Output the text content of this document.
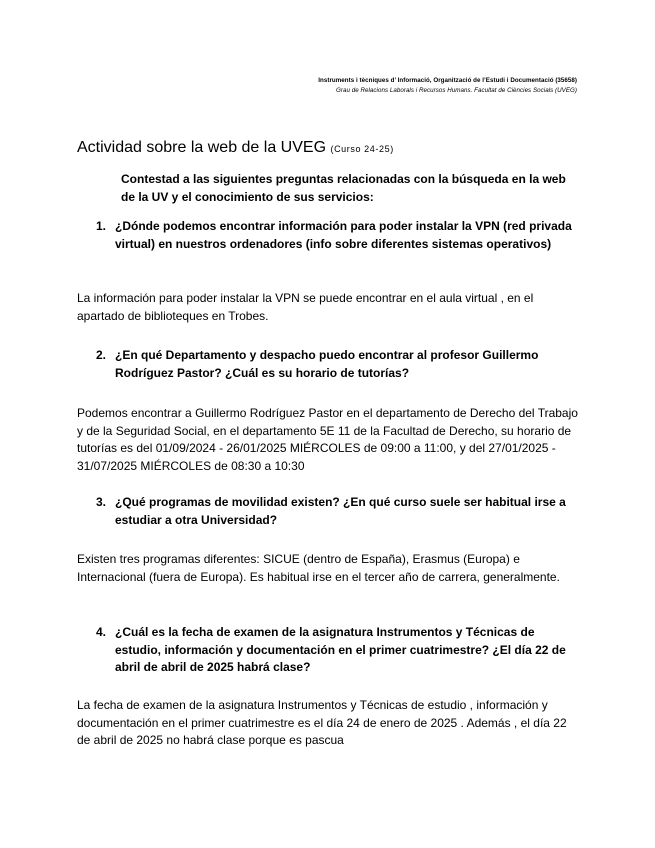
Instruments i tècniques d’ Informació, Organització de l’Estudi i Documentació (35658)
Grau de Relacions Laborals i Recursos Humans. Facultat de Ciències Socials (UVEG)
Actividad sobre la web de la UVEG (Curso 24-25)
Contestad a las siguientes preguntas relacionadas con la búsqueda en la web de la UV y el conocimiento de sus servicios:
1. ¿Dónde podemos encontrar información para poder instalar la VPN (red privada virtual) en nuestros ordenadores (info sobre diferentes sistemas operativos)
La información para poder instalar la VPN se puede encontrar en el aula virtual , en el apartado de biblioteques en Trobes.
2. ¿En qué Departamento y despacho puedo encontrar al profesor Guillermo Rodríguez Pastor? ¿Cuál es su horario de tutorías?
Podemos encontrar a Guillermo Rodríguez Pastor en el departamento de Derecho del Trabajo y de la Seguridad Social, en el departamento 5E 11 de la Facultad de Derecho, su horario de tutorías es del 01/09/2024 - 26/01/2025 MIÉRCOLES de 09:00 a 11:00, y del 27/01/2025 - 31/07/2025 MIÉRCOLES de 08:30 a 10:30
3. ¿Qué programas de movilidad existen? ¿En qué curso suele ser habitual irse a estudiar a otra Universidad?
Existen tres programas diferentes: SICUE (dentro de España), Erasmus (Europa) e Internacional (fuera de Europa). Es habitual irse en el tercer año de carrera, generalmente.
4. ¿Cuál es la fecha de examen de la asignatura Instrumentos y Técnicas de estudio, información y documentación en el primer cuatrimestre? ¿El día 22 de abril de abril de 2025 habrá clase?
La fecha de examen de la asignatura Instrumentos y Técnicas de estudio , información y documentación en el primer cuatrimestre es el día 24 de enero de 2025 . Además , el día 22 de abril de 2025 no habrá clase porque es pascua
